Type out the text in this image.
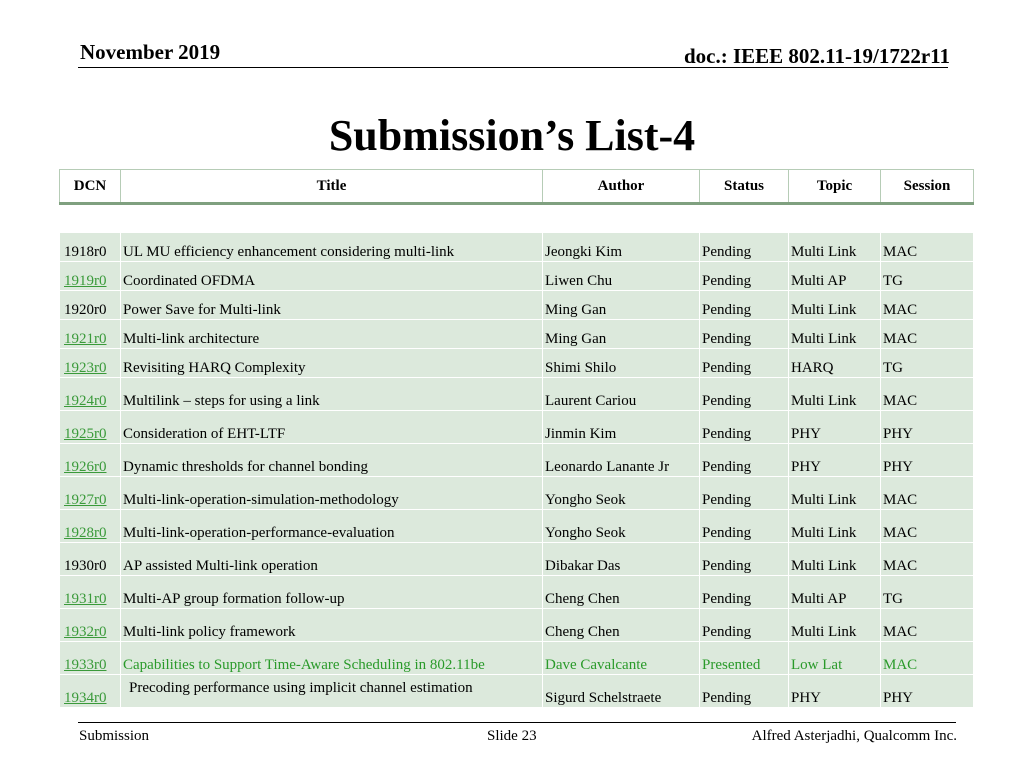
November 2019	doc.: IEEE 802.11-19/1722r11
Submission’s List-4
DCN	Title	Author	Status	Topic	Session

1918r0	UL MU efficiency enhancement considering multi-link	Jeongki Kim	Pending	Multi Link	MAC
1919r0	Coordinated OFDMA	Liwen Chu	Pending	Multi AP	TG
1920r0	Power Save for Multi-link	Ming Gan	Pending	Multi Link	MAC
1921r0	Multi-link architecture	Ming Gan	Pending	Multi Link	MAC
1923r0	Revisiting HARQ Complexity	Shimi Shilo	Pending	HARQ	TG
1924r0	Multilink – steps for using a link	Laurent Cariou	Pending	Multi Link	MAC
1925r0	Consideration of EHT-LTF	Jinmin Kim	Pending	PHY	PHY
1926r0	Dynamic thresholds for channel bonding	Leonardo Lanante Jr	Pending	PHY	PHY
1927r0	Multi-link-operation-simulation-methodology	Yongho Seok	Pending	Multi Link	MAC
1928r0	Multi-link-operation-performance-evaluation	Yongho Seok	Pending	Multi Link	MAC
1930r0	AP assisted Multi-link operation	Dibakar Das	Pending	Multi Link	MAC
1931r0	Multi-AP group formation follow-up	Cheng Chen	Pending	Multi AP	TG
1932r0	Multi-link policy framework	Cheng Chen	Pending	Multi Link	MAC
1933r0	Capabilities to Support Time-Aware Scheduling in 802.11be	Dave Cavalcante	Presented	Low Lat	MAC
1934r0	Precoding performance using implicit channel estimation	Sigurd Schelstraete	Pending	PHY	PHY
Submission	Slide 23	Alfred Asterjadhi, Qualcomm Inc.
